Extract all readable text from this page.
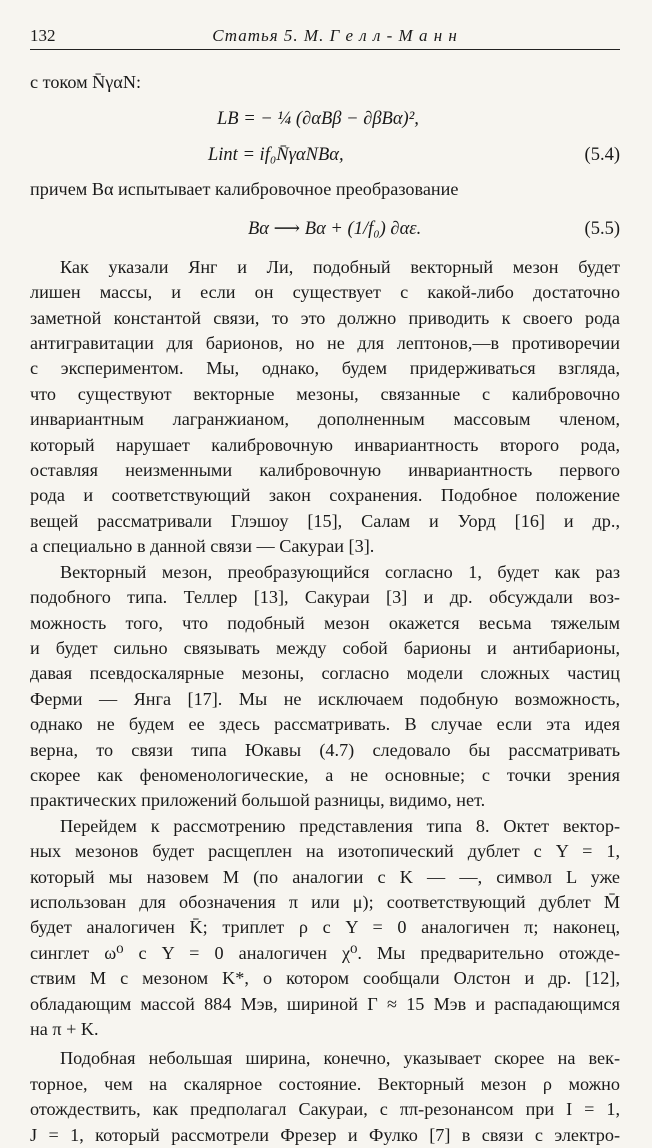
132	Статья 5. М. Г е л л - М а н н
с током N̄γαN:
LB = − ¼ (∂αBβ − ∂βBα)²,
Lint = if₀N̄γαNBα,	(5.4)
причем Bα испытывает калибровочное преобразование
Bα ⟶ Bα + (1/f₀) ∂αε.	(5.5)
Как указали Янг и Ли, подобный векторный мезон будет
лишен массы, и если он существует с какой-либо достаточно
заметной константой связи, то это должно приводить к своего рода
антигравитации для барионов, но не для лептонов,—в противоречии
с экспериментом. Мы, однако, будем придерживаться взгляда,
что существуют векторные мезоны, связанные с калибровочно
инвариантным лагранжианом, дополненным массовым членом,
который нарушает калибровочную инвариантность второго рода,
оставляя неизменными калибровочную инвариантность первого
рода и соответствующий закон сохранения. Подобное положение
вещей рассматривали Глэшоу [15], Салам и Уорд [16] и др.,
а специально в данной связи — Сакураи [3].
Векторный мезон, преобразующийся согласно 1, будет как раз
подобного типа. Теллер [13], Сакураи [3] и др. обсуждали воз-
можность того, что подобный мезон окажется весьма тяжелым
и будет сильно связывать между собой барионы и антибарионы,
давая псевдоскалярные мезоны, согласно модели сложных частиц
Ферми — Янга [17]. Мы не исключаем подобную возможность,
однако не будем ее здесь рассматривать. В случае если эта идея
верна, то связи типа Юкавы (4.7) следовало бы рассматривать
скорее как феноменологические, а не основные; с точки зрения
практических приложений большой разницы, видимо, нет.
Перейдем к рассмотрению представления типа 8. Октет вектор-
ных мезонов будет расщеплен на изотопический дублет с Y = 1,
который мы назовем M (по аналогии с K — —, символ L уже
использован для обозначения π или μ); соответствующий дублет M̄
будет аналогичен K̄; триплет ρ с Y = 0 аналогичен π; наконец,
синглет ω⁰ с Y = 0 аналогичен χ⁰. Мы предварительно отожде-
ствим M с мезоном K*, о котором сообщали Олстон и др. [12],
обладающим массой 884 Мэв, шириной Γ ≈ 15 Мэв и распадающимся
на π + K.
Подобная небольшая ширина, конечно, указывает скорее на век-
торное, чем на скалярное состояние. Векторный мезон ρ можно
отождествить, как предполагал Сакураи, с ππ-резонансом при I = 1,
J = 1, который рассмотрели Фрезер и Фулко [7] в связи с электро-
